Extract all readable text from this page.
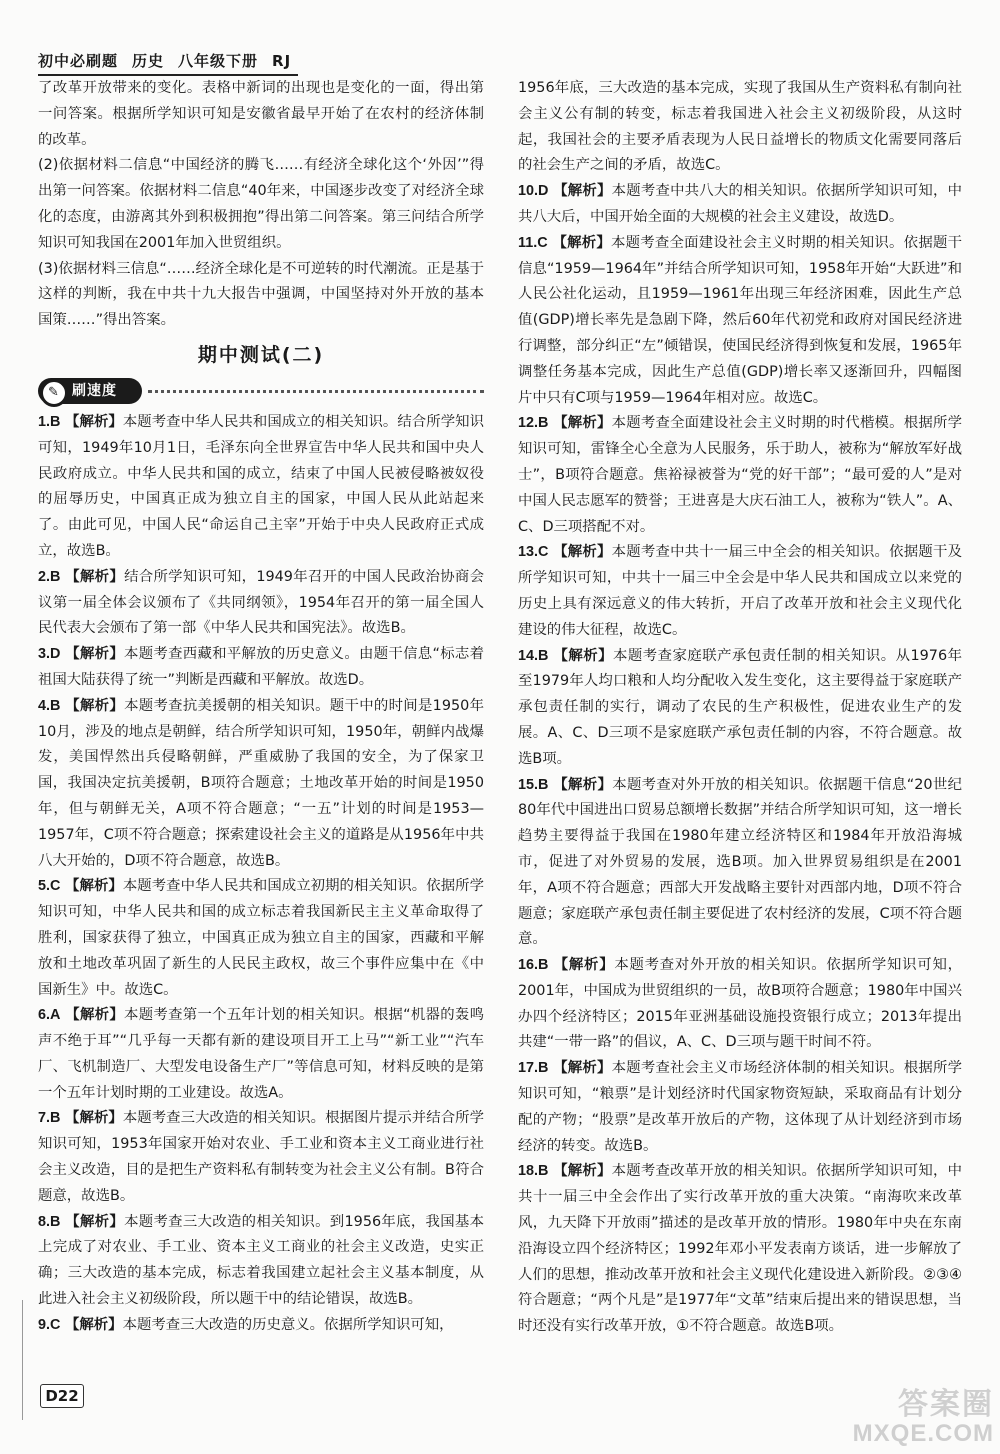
初中必刷题 历史 八年级下册 RJ

了改革开放带来的变化。表格中新词的出现也是变化的一面，得出第一问答案。根据所学知识可知是安徽省最早开始了在农村的经济体制的改革。

(2)依据材料二信息“中国经济的腾飞……有经济全球化这个‘外因’”得出第一问答案。依据材料二信息“40年来，中国逐步改变了对经济全球化的态度，由游离其外到积极拥抱”得出第二问答案。第三问结合所学知识可知我国在2001年加入世贸组织。

(3)依据材料三信息“……经济全球化是不可逆转的时代潮流。正是基于这样的判断，我在中共十九大报告中强调，中国坚持对外开放的基本国策……”得出答案。

期中测试(二)
✎ 刷速度

1.B 【解析】本题考查中华人民共和国成立的相关知识。结合所学知识可知，1949年10月1日，毛泽东向全世界宣告中华人民共和国中央人民政府成立。中华人民共和国的成立，结束了中国人民被侵略被奴役的屈辱历史，中国真正成为独立自主的国家，中国人民从此站起来了。由此可见，中国人民“命运自己主宰”开始于中央人民政府正式成立，故选B。

2.B 【解析】结合所学知识可知，1949年召开的中国人民政治协商会议第一届全体会议颁布了《共同纲领》，1954年召开的第一届全国人民代表大会颁布了第一部《中华人民共和国宪法》。故选B。

3.D 【解析】本题考查西藏和平解放的历史意义。由题干信息“标志着祖国大陆获得了统一”判断是西藏和平解放。故选D。

4.B 【解析】本题考查抗美援朝的相关知识。题干中的时间是1950年10月，涉及的地点是朝鲜，结合所学知识可知，1950年，朝鲜内战爆发，美国悍然出兵侵略朝鲜，严重威胁了我国的安全，为了保家卫国，我国决定抗美援朝，B项符合题意；土地改革开始的时间是1950年，但与朝鲜无关，A项不符合题意；“一五”计划的时间是1953—1957年，C项不符合题意；探索建设社会主义的道路是从1956年中共八大开始的，D项不符合题意，故选B。

5.C 【解析】本题考查中华人民共和国成立初期的相关知识。依据所学知识可知，中华人民共和国的成立标志着我国新民主主义革命取得了胜利，国家获得了独立，中国真正成为独立自主的国家，西藏和平解放和土地改革巩固了新生的人民民主政权，故三个事件应集中在《中国新生》中。故选C。

6.A 【解析】本题考查第一个五年计划的相关知识。根据“机器的轰鸣声不绝于耳”“几乎每一天都有新的建设项目开工上马”“新工业”“汽车厂、飞机制造厂、大型发电设备生产厂”等信息可知，材料反映的是第一个五年计划时期的工业建设。故选A。

7.B 【解析】本题考查三大改造的相关知识。根据图片提示并结合所学知识可知，1953年国家开始对农业、手工业和资本主义工商业进行社会主义改造，目的是把生产资料私有制转变为社会主义公有制。B符合题意，故选B。

8.B 【解析】本题考查三大改造的相关知识。到1956年底，我国基本上完成了对农业、手工业、资本主义工商业的社会主义改造，史实正确；三大改造的基本完成，标志着我国建立起社会主义基本制度，从此进入社会主义初级阶段，所以题干中的结论错误，故选B。

9.C 【解析】本题考查三大改造的历史意义。依据所学知识可知，

1956年底，三大改造的基本完成，实现了我国从生产资料私有制向社会主义公有制的转变，标志着我国进入社会主义初级阶段，从这时起，我国社会的主要矛盾表现为人民日益增长的物质文化需要同落后的社会生产之间的矛盾，故选C。

10.D 【解析】本题考查中共八大的相关知识。依据所学知识可知，中共八大后，中国开始全面的大规模的社会主义建设，故选D。

11.C 【解析】本题考查全面建设社会主义时期的相关知识。依据题干信息“1959—1964年”并结合所学知识可知，1958年开始“大跃进”和人民公社化运动，且1959—1961年出现三年经济困难，因此生产总值(GDP)增长率先是急剧下降，然后60年代初党和政府对国民经济进行调整，部分纠正“左”倾错误，使国民经济得到恢复和发展，1965年调整任务基本完成，因此生产总值(GDP)增长率又逐渐回升，四幅图片中只有C项与1959—1964年相对应。故选C。

12.B 【解析】本题考查全面建设社会主义时期的时代楷模。根据所学知识可知，雷锋全心全意为人民服务，乐于助人，被称为“解放军好战士”，B项符合题意。焦裕禄被誉为“党的好干部”；“最可爱的人”是对中国人民志愿军的赞誉；王进喜是大庆石油工人，被称为“铁人”。A、C、D三项搭配不对。

13.C 【解析】本题考查中共十一届三中全会的相关知识。依据题干及所学知识可知，中共十一届三中全会是中华人民共和国成立以来党的历史上具有深远意义的伟大转折，开启了改革开放和社会主义现代化建设的伟大征程，故选C。

14.B 【解析】本题考查家庭联产承包责任制的相关知识。从1976年至1979年人均口粮和人均分配收入发生变化，这主要得益于家庭联产承包责任制的实行，调动了农民的生产积极性，促进农业生产的发展。A、C、D三项不是家庭联产承包责任制的内容，不符合题意。故选B项。

15.B 【解析】本题考查对外开放的相关知识。依据题干信息“20世纪80年代中国进出口贸易总额增长数据”并结合所学知识可知，这一增长趋势主要得益于我国在1980年建立经济特区和1984年开放沿海城市，促进了对外贸易的发展，选B项。加入世界贸易组织是在2001年，A项不符合题意；西部大开发战略主要针对西部内地，D项不符合题意；家庭联产承包责任制主要促进了农村经济的发展，C项不符合题意。

16.B 【解析】本题考查对外开放的相关知识。依据所学知识可知，2001年，中国成为世贸组织的一员，故B项符合题意；1980年中国兴办四个经济特区；2015年亚洲基础设施投资银行成立；2013年提出共建“一带一路”的倡议，A、C、D三项与题干时间不符。

17.B 【解析】本题考查社会主义市场经济体制的相关知识。根据所学知识可知，“粮票”是计划经济时代国家物资短缺，采取商品有计划分配的产物；“股票”是改革开放后的产物，这体现了从计划经济到市场经济的转变。故选B。

18.B 【解析】本题考查改革开放的相关知识。依据所学知识可知，中共十一届三中全会作出了实行改革开放的重大决策。“南海吹来改革风，九天降下开放雨”描述的是改革开放的情形。1980年中央在东南沿海设立四个经济特区；1992年邓小平发表南方谈话，进一步解放了人们的思想，推动改革开放和社会主义现代化建设进入新阶段。②③④符合题意；“两个凡是”是1977年“文革”结束后提出来的错误思想，当时还没有实行改革开放，①不符合题意。故选B项。

D22	答案圈
MXQE.COM
